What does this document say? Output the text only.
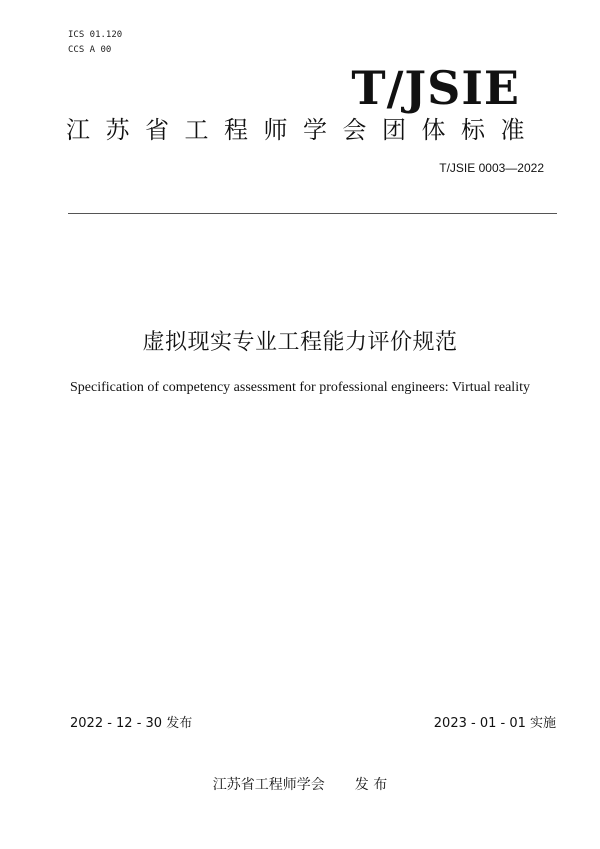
ICS 01.120
CCS A 00
T/JSIE
江苏省工程师学会团体标准
T/JSIE 0003—2022
虚拟现实专业工程能力评价规范
Specification of competency assessment for professional engineers: Virtual reality
2022 - 12 - 30 发布	2023 - 01 - 01 实施
江苏省工程师学会 发 布
